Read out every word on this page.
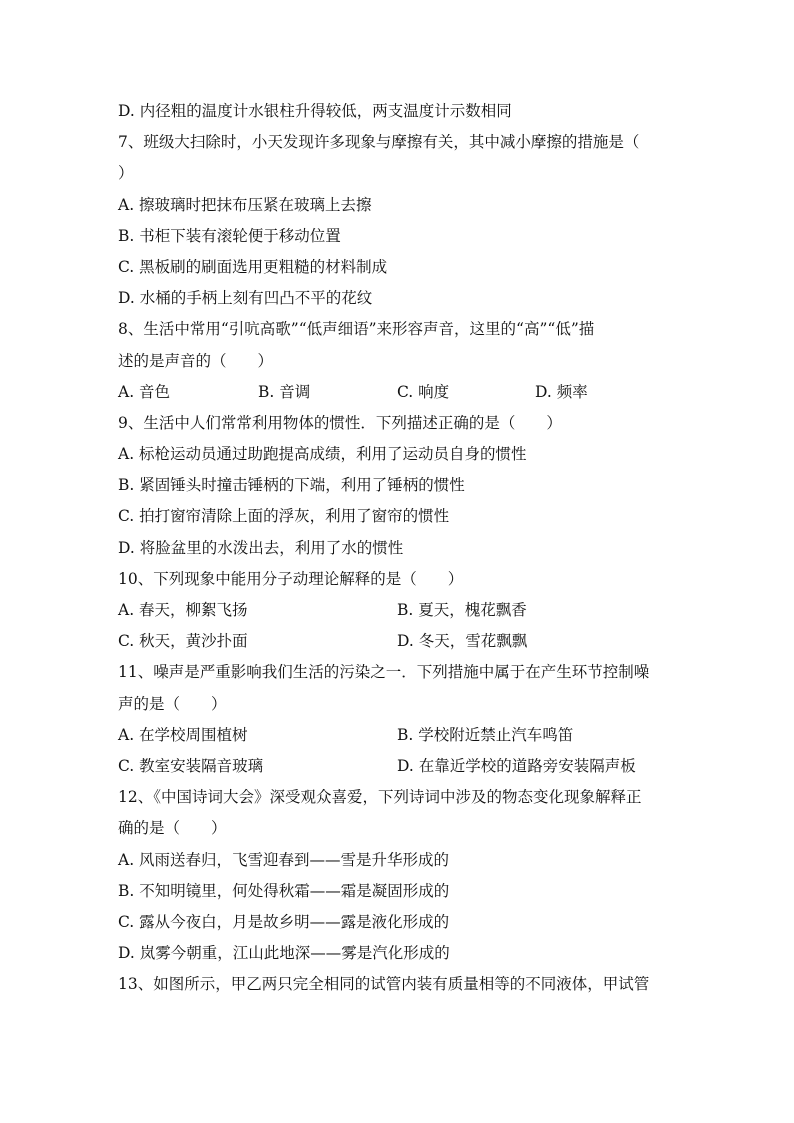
D. 内径粗的温度计水银柱升得较低，两支温度计示数相同
7、班级大扫除时，小天发现许多现象与摩擦有关，其中减小摩擦的措施是（
）
A. 擦玻璃时把抹布压紧在玻璃上去擦
B. 书柜下装有滚轮便于移动位置
C. 黑板刷的刷面选用更粗糙的材料制成
D. 水桶的手柄上刻有凹凸不平的花纹
8、生活中常用“引吭高歌”“低声细语”来形容声音，这里的“高”“低”描
述的是声音的（　　）
A. 音色	B. 音调	C. 响度	D. 频率
9、生活中人们常常利用物体的惯性．下列描述正确的是（　　）
A. 标枪运动员通过助跑提高成绩，利用了运动员自身的惯性
B. 紧固锤头时撞击锤柄的下端，利用了锤柄的惯性
C. 拍打窗帘清除上面的浮灰，利用了窗帘的惯性
D. 将脸盆里的水泼出去，利用了水的惯性
10、下列现象中能用分子动理论解释的是（　　）
A. 春天，柳絮飞扬	B. 夏天，槐花飘香
C. 秋天，黄沙扑面	D. 冬天，雪花飘飘
11、噪声是严重影响我们生活的污染之一．下列措施中属于在产生环节控制噪
声的是（　　）
A. 在学校周围植树	B. 学校附近禁止汽车鸣笛
C. 教室安装隔音玻璃	D. 在靠近学校的道路旁安装隔声板
12、《中国诗词大会》深受观众喜爱，下列诗词中涉及的物态变化现象解释正
确的是（　　）
A. 风雨送春归，飞雪迎春到——雪是升华形成的
B. 不知明镜里，何处得秋霜——霜是凝固形成的
C. 露从今夜白，月是故乡明——露是液化形成的
D. 岚雾今朝重，江山此地深——雾是汽化形成的
13、如图所示，甲乙两只完全相同的试管内装有质量相等的不同液体，甲试管
